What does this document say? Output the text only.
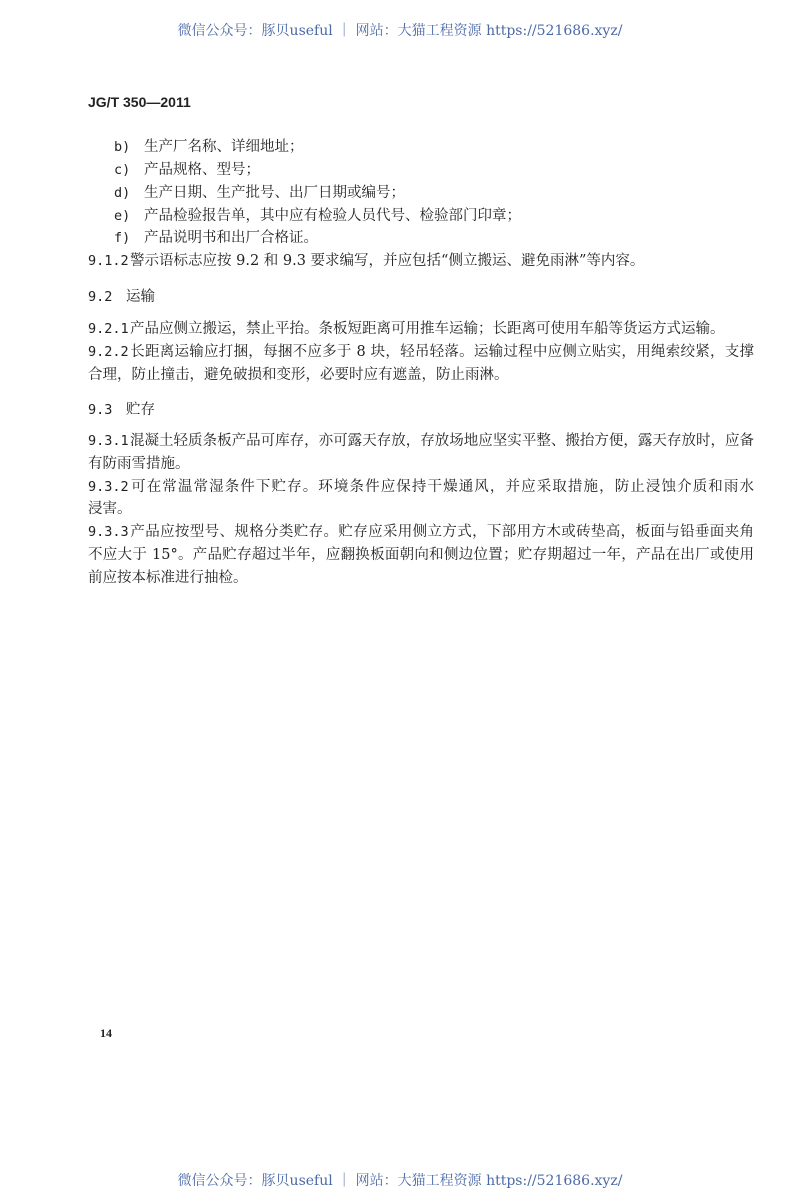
微信公众号：豚贝useful ｜ 网站：大猫工程资源 https://521686.xyz/
JG/T 350—2011
b) 生产厂名称、详细地址；
c) 产品规格、型号；
d) 生产日期、生产批号、出厂日期或编号；
e) 产品检验报告单，其中应有检验人员代号、检验部门印章；
f) 产品说明书和出厂合格证。
9.1.2警示语标志应按 9.2 和 9.3 要求编写，并应包括“侧立搬运、避免雨淋”等内容。
9.2 运输
9.2.1产品应侧立搬运，禁止平抬。条板短距离可用推车运输；长距离可使用车船等货运方式运输。
9.2.2长距离运输应打捆，每捆不应多于 8 块，轻吊轻落。运输过程中应侧立贴实，用绳索绞紧，支撑
合理，防止撞击，避免破损和变形，必要时应有遮盖，防止雨淋。
9.3 贮存
9.3.1混凝土轻质条板产品可库存，亦可露天存放，存放场地应坚实平整、搬抬方便，露天存放时，应备
有防雨雪措施。
9.3.2可在常温常湿条件下贮存。环境条件应保持干燥通风，并应采取措施，防止浸蚀介质和雨水
浸害。
9.3.3产品应按型号、规格分类贮存。贮存应采用侧立方式，下部用方木或砖垫高，板面与铅垂面夹角
不应大于 15°。产品贮存超过半年，应翻换板面朝向和侧边位置；贮存期超过一年，产品在出厂或使用
前应按本标准进行抽检。
14
微信公众号：豚贝useful ｜ 网站：大猫工程资源 https://521686.xyz/
